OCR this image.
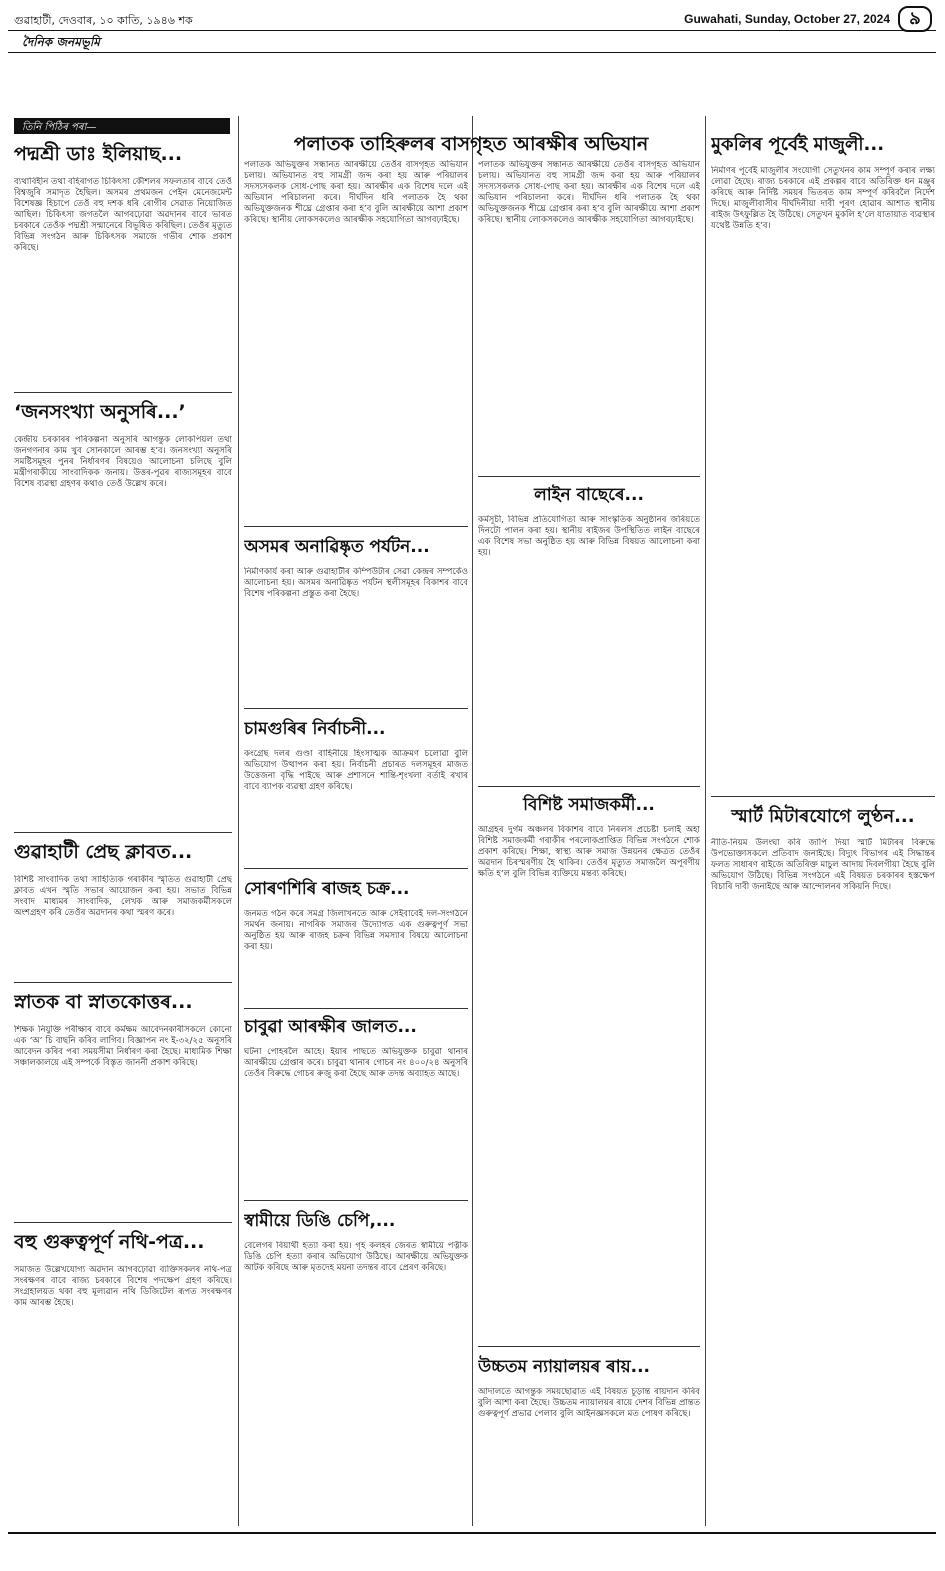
গুৱাহাটী, দেওবাৰ, ১০ কাতি, ১৯৪৬ শক	Guwahati, Sunday, October 27, 2024	৯
দৈনিক জনমভূমি
তিনি পিঠিৰ পৰা—
পদ্মশ্ৰী ডাঃ ইলিয়াছ...
ব্যথাবিহীন তথা বহিৰাগত চিকিৎসা কৌশলৰ সফলতাৰ বাবে তেওঁ বিশ্বজুৰি সমাদৃত হৈছিল। অসমৰ প্ৰথমজন পেইন মেনেজমেন্ট বিশেষজ্ঞ হিচাপে তেওঁ বহু দশক ধৰি ৰোগীৰ সেৱাত নিয়োজিত আছিল। চিকিৎসা জগতলৈ আগবঢ়োৱা অৱদানৰ বাবে ভাৰত চৰকাৰে তেওঁক পদ্মশ্ৰী সন্মানেৰে বিভূষিত কৰিছিল। তেওঁৰ মৃত্যুত বিভিন্ন সংগঠন আৰু চিকিৎসক সমাজে গভীৰ শোক প্ৰকাশ কৰিছে।
‘জনসংখ্যা অনুসৰি...’
কেন্দ্ৰীয় চৰকাৰৰ পৰিকল্পনা অনুসৰি আগন্তুক লোকপিয়ল তথা জনগণনাৰ কাম খুব সোনকালে আৰম্ভ হ’ব। জনসংখ্যা অনুসৰি সমষ্টিসমূহৰ পুনৰ নিৰ্ধাৰণৰ বিষয়েও আলোচনা চলিছে বুলি মন্ত্ৰীগৰাকীয়ে সাংবাদিকক জনায়। উত্তৰ-পূৱৰ ৰাজ্যসমূহৰ বাবে বিশেষ ব্যৱস্থা গ্ৰহণৰ কথাও তেওঁ উল্লেখ কৰে।
গুৱাহাটী প্ৰেছ ক্লাবত...
বিশিষ্ট সাংবাদিক তথা সাহিত্যিক গৰাকীৰ স্মৃতিত গুৱাহাটী প্ৰেছ ক্লাবত এখন স্মৃতি সভাৰ আয়োজন কৰা হয়। সভাত বিভিন্ন সংবাদ মাধ্যমৰ সাংবাদিক, লেখক আৰু সমাজকৰ্মীসকলে অংশগ্ৰহণ কৰি তেওঁৰ অৱদানৰ কথা স্মৰণ কৰে।
স্নাতক বা স্নাতকোত্তৰ...
শিক্ষক নিযুক্তি পৰীক্ষাৰ বাবে কৰ্মক্ষম আবেদনকাৰীসকলে কোনো এক ‘অ’ চি বাছনি কৰিব লাগিব। বিজ্ঞাপন নং ই-৩২/২৫ অনুসৰি আবেদন কৰিব পৰা সময়সীমা নিৰ্ধাৰণ কৰা হৈছে। মাধ্যমিক শিক্ষা সঞ্চালকালয়ে এই সম্পৰ্কে বিস্তৃত জাননী প্ৰকাশ কৰিছে।
বহু গুৰুত্বপূৰ্ণ নথি-পত্ৰ...
সমাজত উল্লেখযোগ্য অৱদান আগবঢ়োৱা ব্যক্তিসকলৰ নথি-পত্ৰ সংৰক্ষণৰ বাবে ৰাজ্য চৰকাৰে বিশেষ পদক্ষেপ গ্ৰহণ কৰিছে। সংগ্ৰহালয়ত থকা বহু মূল্যৱান নথি ডিজিটেল ৰূপত সংৰক্ষণৰ কাম আৰম্ভ হৈছে।
পলাতক তাহিৰুলৰ বাসগৃহত আৰক্ষীৰ অভিযান
পলাতক অভিযুক্তৰ সন্ধানত আৰক্ষীয়ে তেওঁৰ বাসগৃহত অভিযান চলায়। অভিযানত বহু সামগ্ৰী জব্দ কৰা হয় আৰু পৰিয়ালৰ সদস্যসকলক সোধ-পোছ কৰা হয়। আৰক্ষীৰ এক বিশেষ দলে এই অভিযান পৰিচালনা কৰে। দীৰ্ঘদিন ধৰি পলাতক হৈ থকা অভিযুক্তজনক শীঘ্ৰে গ্ৰেপ্তাৰ কৰা হ’ব বুলি আৰক্ষীয়ে আশা প্ৰকাশ কৰিছে। স্থানীয় লোকসকলেও আৰক্ষীক সহযোগিতা আগবঢ়াইছে।
অসমৰ অনাৱিষ্কৃত পৰ্যটন...
নিৰ্মাণকাৰ্য কৰা আৰু গুৱাহাটীৰ কম্পিউটাৰ সেৱা কেন্দ্ৰৰ সম্পৰ্কেও আলোচনা হয়। অসমৰ অনাৱিষ্কৃত পৰ্যটন স্থলীসমূহৰ বিকাশৰ বাবে বিশেষ পৰিকল্পনা প্ৰস্তুত কৰা হৈছে।
চামগুৰিৰ নিৰ্বাচনী...
কংগ্ৰেছ দলৰ গুণ্ডা বাহিনীয়ে হিংসাত্মক আক্ৰমণ চলোৱা বুলি অভিযোগ উত্থাপন কৰা হয়। নিৰ্বাচনী প্ৰচাৰত দলসমূহৰ মাজত উত্তেজনা বৃদ্ধি পাইছে আৰু প্ৰশাসনে শান্তি-শৃংখলা বৰ্তাই ৰখাৰ বাবে ব্যাপক ব্যৱস্থা গ্ৰহণ কৰিছে।
সোৰণশিৰি ৰাজহ চক্ৰ...
জনমত গঠন কৰে সমগ্ৰ জিলাখনতে আৰু সেইবাবেই দল-সংগঠনে সমৰ্থন জনায়। নাগৰিক সমাজৰ উদ্যোগত এক গুৰুত্বপূৰ্ণ সভা অনুষ্ঠিত হয় আৰু ৰাজহ চক্ৰৰ বিভিন্ন সমস্যাৰ বিষয়ে আলোচনা কৰা হয়।
চাবুৱা আৰক্ষীৰ জালত...
ঘটনা পোহৰলৈ আহে। ইয়াৰ পাছতে অভিযুক্তক চাবুৱা থানাৰ আৰক্ষীয়ে গ্ৰেপ্তাৰ কৰে। চাবুৱা থানাৰ গোচৰ নং ৪০০/২৪ অনুসৰি তেওঁৰ বিৰুদ্ধে গোচৰ ৰুজু কৰা হৈছে আৰু তদন্ত অব্যাহত আছে।
স্বামীয়ে ডিঙি চেপি,...
বেলেগৰ বিয়াৰ্থী হত্যা কৰা হয়। গৃহ কলহৰ জেৰত স্বামীয়ে পত্নীক ডিঙি চেপি হত্যা কৰাৰ অভিযোগ উঠিছে। আৰক্ষীয়ে অভিযুক্তক আটক কৰিছে আৰু মৃতদেহ ময়না তদন্তৰ বাবে প্ৰেৰণ কৰিছে।
পলাতক অভিযুক্তৰ সন্ধানত আৰক্ষীয়ে তেওঁৰ বাসগৃহত অভিযান চলায়। অভিযানত বহু সামগ্ৰী জব্দ কৰা হয় আৰু পৰিয়ালৰ সদস্যসকলক সোধ-পোছ কৰা হয়। আৰক্ষীৰ এক বিশেষ দলে এই অভিযান পৰিচালনা কৰে। দীৰ্ঘদিন ধৰি পলাতক হৈ থকা অভিযুক্তজনক শীঘ্ৰে গ্ৰেপ্তাৰ কৰা হ’ব বুলি আৰক্ষীয়ে আশা প্ৰকাশ কৰিছে। স্থানীয় লোকসকলেও আৰক্ষীক সহযোগিতা আগবঢ়াইছে।
লাইন বাছেৰে...
কৰ্মসূচী, বিভিন্ন প্ৰতিযোগিতা আৰু সাংস্কৃতিক অনুষ্ঠানৰ জৰিয়তে দিনটো পালন কৰা হয়। স্থানীয় ৰাইজৰ উপস্থিতিত লাইন বাছেৰে এক বিশেষ সভা অনুষ্ঠিত হয় আৰু বিভিন্ন বিষয়ত আলোচনা কৰা হয়।
বিশিষ্ট সমাজকৰ্মী...
আগ্ৰহৰ দুৰ্গম অঞ্চলৰ বিকাশৰ বাবে নিৰলস প্ৰচেষ্টা চলাই অহা বিশিষ্ট সমাজকৰ্মী গৰাকীৰ পৰলোকপ্ৰাপ্তিত বিভিন্ন সংগঠনে শোক প্ৰকাশ কৰিছে। শিক্ষা, স্বাস্থ্য আৰু সমাজ উন্নয়নৰ ক্ষেত্ৰত তেওঁৰ অৱদান চিৰস্মৰণীয় হৈ থাকিব। তেওঁৰ মৃত্যুত সমাজলৈ অপূৰণীয় ক্ষতি হ’ল বুলি বিভিন্ন ব্যক্তিয়ে মন্তব্য কৰিছে।
উচ্চতম ন্যায়ালয়ৰ ৰায়...
আদালতে আগন্তুক সময়ছোৱাত এই বিষয়ত চূড়ান্ত ৰায়দান কৰিব বুলি আশা কৰা হৈছে। উচ্চতম ন্যায়ালয়ৰ ৰায়ে দেশৰ বিভিন্ন প্ৰান্তত গুৰুত্বপূৰ্ণ প্ৰভাৱ পেলাব বুলি আইনজ্ঞসকলে মত পোষণ কৰিছে।
মুকলিৰ পূৰ্বেই মাজুলী...
নিৰ্মাণৰ পূৰ্বেই মাজুলীৰ সংযোগী সেতুখনৰ কাম সম্পূৰ্ণ কৰাৰ লক্ষ্য লোৱা হৈছে। ৰাজ্য চৰকাৰে এই প্ৰকল্পৰ বাবে অতিৰিক্ত ধন মঞ্জুৰ কৰিছে আৰু নিৰ্দিষ্ট সময়ৰ ভিতৰত কাম সম্পূৰ্ণ কৰিবলৈ নিৰ্দেশ দিছে। মাজুলীবাসীৰ দীৰ্ঘদিনীয়া দাবী পূৰণ হোৱাৰ আশাত স্থানীয় ৰাইজ উৎফুল্লিত হৈ উঠিছে। সেতুখন মুকলি হ’লে যাতায়াত ব্যৱস্থাৰ যথেষ্ট উন্নতি হ’ব।
স্মাৰ্ট মিটাৰযোগে লুণ্ঠন...
নীতি-নিয়ম উলংঘা কৰি জাপি দিয়া স্মাৰ্ট মিটাৰৰ বিৰুদ্ধে উপভোক্তাসকলে প্ৰতিবাদ জনাইছে। বিদ্যুৎ বিভাগৰ এই সিদ্ধান্তৰ ফলত সাধাৰণ ৰাইজে অতিৰিক্ত মাচুল আদায় দিবলগীয়া হৈছে বুলি অভিযোগ উঠিছে। বিভিন্ন সংগঠনে এই বিষয়ত চৰকাৰৰ হস্তক্ষেপ বিচাৰি দাবী জনাইছে আৰু আন্দোলনৰ সকিয়নি দিছে।
